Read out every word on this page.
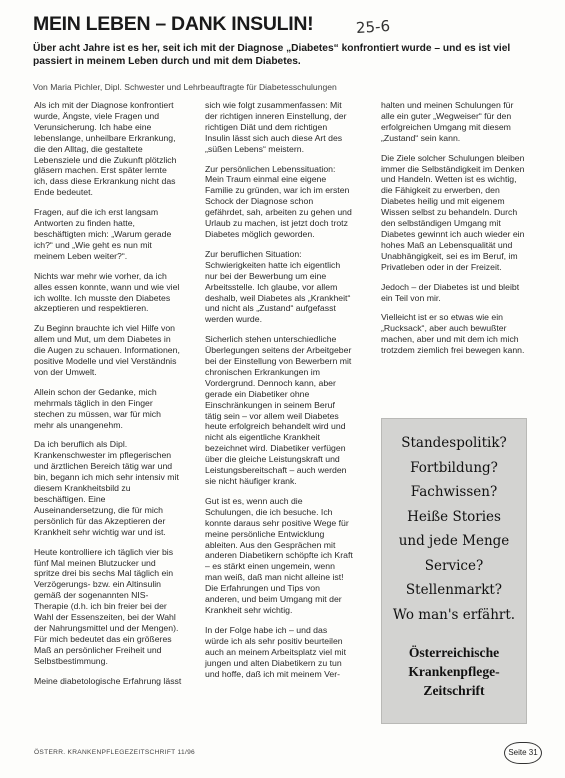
MEIN LEBEN – DANK INSULIN!	25-6

Über acht Jahre ist es her, seit ich mit der Diagnose „Diabetes“ konfrontiert wurde – und es ist viel passiert in meinem Leben durch und mit dem Diabetes.

Von Maria Pichler, Dipl. Schwester und Lehrbeauftragte für Diabetesschulungen

Als ich mit der Diagnose konfrontiert wurde, Ängste, viele Fragen und Verunsicherung. Ich habe eine lebenslange, unheilbare Erkrankung, die den Alltag, die gestaltete Lebensziele und die Zukunft plötzlich gläsern machen. Erst später lernte ich, dass diese Erkrankung nicht das Ende bedeutet.

Fragen, auf die ich erst langsam Antworten zu finden hatte, beschäftigten mich: „Warum gerade ich?“ und „Wie geht es nun mit meinem Leben weiter?“.

Nichts war mehr wie vorher, da ich alles essen konnte, wann und wie viel ich wollte. Ich musste den Diabetes akzeptieren und respektieren.

Zu Beginn brauchte ich viel Hilfe von allem und Mut, um dem Diabetes in die Augen zu schauen. Informationen, positive Modelle und viel Verständnis von der Umwelt.

Allein schon der Gedanke, mich mehrmals täglich in den Finger stechen zu müssen, war für mich mehr als unangenehm.

Da ich beruflich als Dipl. Krankenschwester im pflegerischen und ärztlichen Bereich tätig war und bin, begann ich mich sehr intensiv mit diesem Krankheitsbild zu beschäftigen. Eine Auseinandersetzung, die für mich persönlich für das Akzeptieren der Krankheit sehr wichtig war und ist.

Heute kontrolliere ich täglich vier bis fünf Mal meinen Blutzucker und spritze drei bis sechs Mal täglich ein Verzögerungs- bzw. ein Altinsulin gemäß der sogenannten NIS-Therapie (d.h. ich bin freier bei der Wahl der Essenszeiten, bei der Wahl der Nahrungsmittel und der Mengen). Für mich bedeutet das ein größeres Maß an persönlicher Freiheit und Selbstbestimmung.

Meine diabetologische Erfahrung lässt

sich wie folgt zusammenfassen: Mit der richtigen inneren Einstellung, der richtigen Diät und dem richtigen Insulin lässt sich auch diese Art des „süßen Lebens“ meistern.

Zur persönlichen Lebenssituation: Mein Traum einmal eine eigene Familie zu gründen, war ich im ersten Schock der Diagnose schon gefährdet, sah, arbeiten zu gehen und Urlaub zu machen, ist jetzt doch trotz Diabetes möglich geworden.

Zur beruflichen Situation: Schwierigkeiten hatte ich eigentlich nur bei der Bewerbung um eine Arbeitsstelle. Ich glaube, vor allem deshalb, weil Diabetes als „Krankheit“ und nicht als „Zustand“ aufgefasst werden wurde.

Sicherlich stehen unterschiedliche Überlegungen seitens der Arbeitgeber bei der Einstellung von Bewerbern mit chronischen Erkrankungen im Vordergrund. Dennoch kann, aber gerade ein Diabetiker ohne Einschränkungen in seinem Beruf tätig sein – vor allem weil Diabetes heute erfolgreich behandelt wird und nicht als eigentliche Krankheit bezeichnet wird. Diabetiker verfügen über die gleiche Leistungskraft und Leistungsbereitschaft – auch werden sie nicht häufiger krank.

Gut ist es, wenn auch die Schulungen, die ich besuche. Ich konnte daraus sehr positive Wege für meine persönliche Entwicklung ableiten. Aus den Gesprächen mit anderen Diabetikern schöpfte ich Kraft – es stärkt einen ungemein, wenn man weiß, daß man nicht alleine ist! Die Erfahrungen und Tips von anderen, und beim Umgang mit der Krankheit sehr wichtig.

In der Folge habe ich – und das würde ich als sehr positiv beurteilen auch an meinem Arbeitsplatz viel mit jungen und alten Diabetikern zu tun und hoffe, daß ich mit meinem Ver-

halten und meinen Schulungen für alle ein guter „Wegweiser“ für den erfolgreichen Umgang mit diesem „Zustand“ sein kann.

Die Ziele solcher Schulungen bleiben immer die Selbständigkeit im Denken und Handeln. Wetten ist es wichtig, die Fähigkeit zu erwerben, den Diabetes heilig und mit eigenem Wissen selbst zu behandeln. Durch den selbständigen Umgang mit Diabetes gewinnt ich auch wieder ein hohes Maß an Lebensqualität und Unabhängigkeit, sei es im Beruf, im Privatleben oder in der Freizeit.

Jedoch – der Diabetes ist und bleibt ein Teil von mir.

Vielleicht ist er so etwas wie ein „Rucksack“, aber auch bewußter machen, aber und mit dem ich mich trotzdem ziemlich frei bewegen kann.

Standespolitik?
Fortbildung?
Fachwissen?
Heiße Stories
und jede Menge
Service?
Stellenmarkt?
Wo man's erfährt.
Österreichische
Krankenpflege-
Zeitschrift
ÖSTERR. KRANKENPFLEGEZEITSCHRIFT 11/96	Seite 31
